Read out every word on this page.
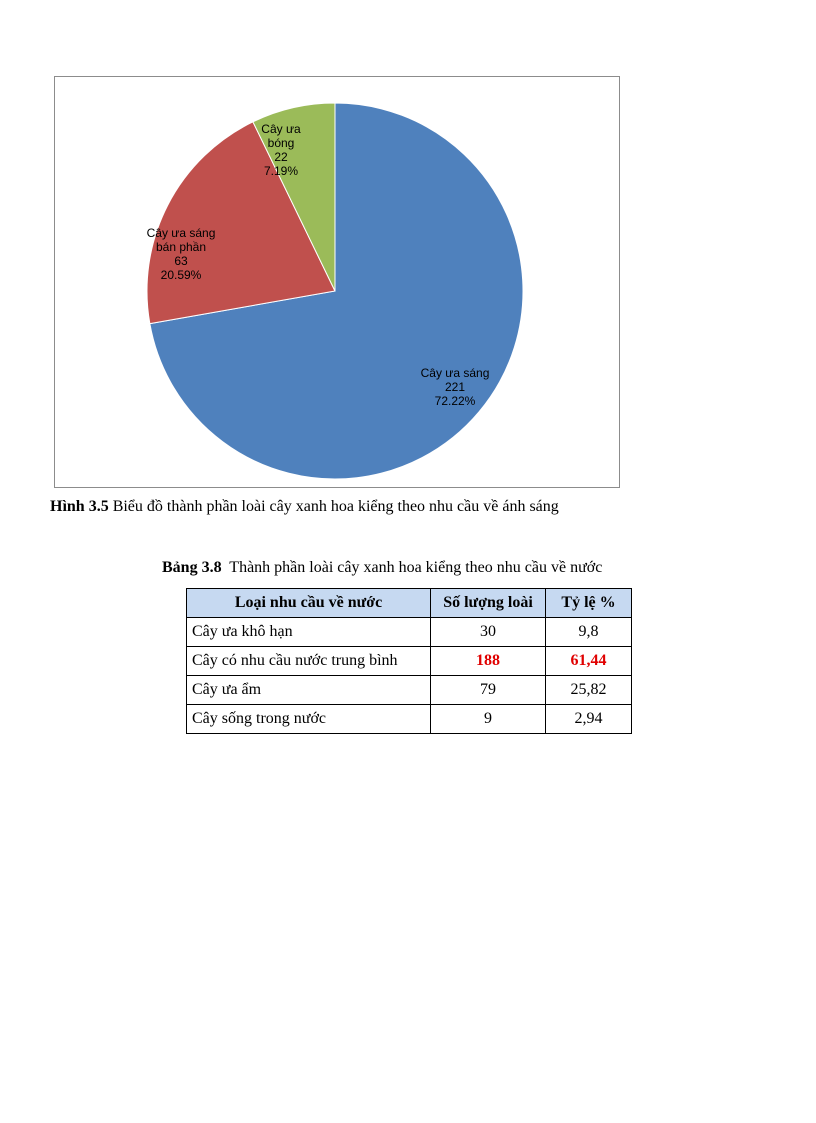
Cây ưa sáng 221 72.22%
Cây ưa sáng bán phần 63 20.59%
Cây ưa bóng 22 7.19%
Hình 3.5 Biểu đồ thành phần loài cây xanh hoa kiểng theo nhu cầu về ánh sáng
Bảng 3.8  Thành phần loài cây xanh hoa kiểng theo nhu cầu về nước
Loại nhu cầu về nước	Số lượng loài	Tỷ lệ %
Cây ưa khô hạn	30	9,8
Cây có nhu cầu nước trung bình	188	61,44
Cây ưa ẩm	79	25,82
Cây sống trong nước	9	2,94
